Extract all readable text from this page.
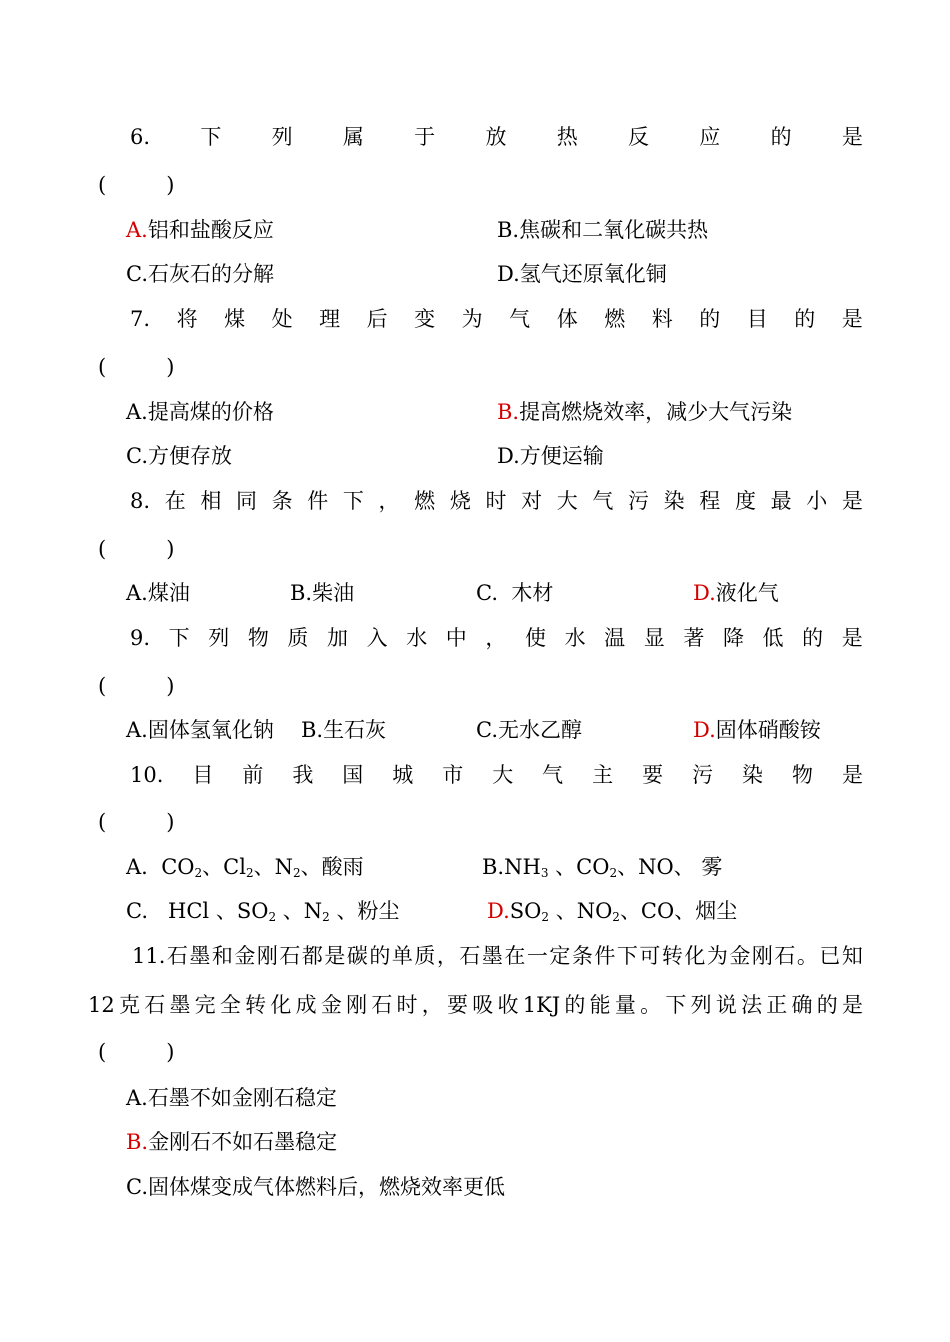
6. 下 列 属 于 放 热 反 应 的 是
(	)
A.铝和盐酸反应	B.焦碳和二氧化碳共热
C.石灰石的分解	D.氢气还原氧化铜
7. 将 煤 处 理 后 变 为 气 体 燃 料 的 目 的 是
(	)
A.提高煤的价格	B.提高燃烧效率，减少大气污染
C.方便存放	D.方便运输
8. 在 相 同 条 件 下 ， 燃 烧 时 对 大 气 污 染 程 度 最 小 是
(	)
A.煤油	B.柴油	C. 木材	D.液化气
9. 下 列 物 质 加 入 水 中 ， 使 水 温 显 著 降 低 的 是
(	)
A.固体氢氧化钠 B.生石灰	C.无水乙醇	D.固体硝酸铵
10. 目 前 我 国 城 市 大 气 主 要 污 染 物 是
(	)
A. $CO_2$、$Cl_2$、$N_2$、酸雨	$B.NH_3$ 、$CO_2$、NO、 雾
C. HCl 、$SO_2$ 、$N_2$ 、粉尘	$D.SO_2$ 、$NO_2$、CO、烟尘
11. 石 墨 和 金 刚 石 都 是 碳 的 单 质 ， 石 墨 在 一 定 条 件 下 可 转 化 为 金 刚 石 。 已 知
12 克 石 墨 完 全 转 化 成 金 刚 石 时 ， 要 吸 收 1KJ 的 能 量 。 下 列 说 法 正 确 的 是
(	)
A.石墨不如金刚石稳定
B.金刚石不如石墨稳定
C.固体煤变成气体燃料后，燃烧效率更低
